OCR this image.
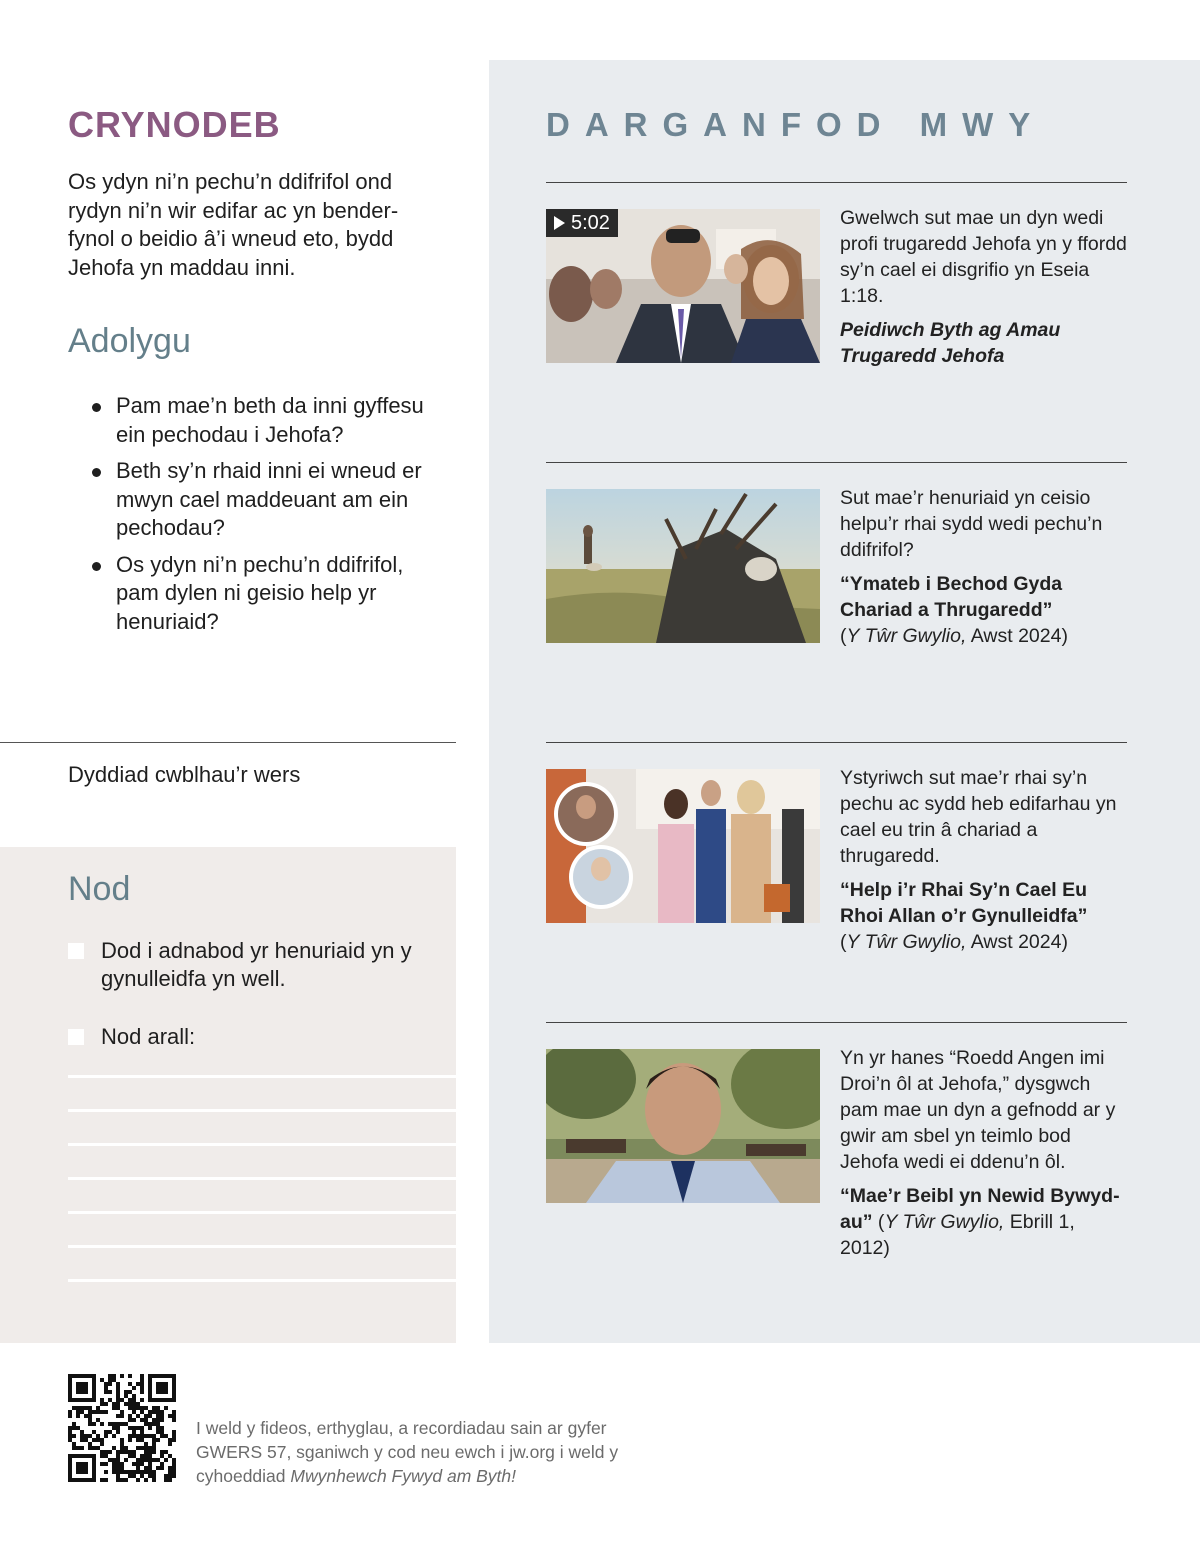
CRYNODEB
Os ydyn ni’n pechu’n ddifrifol ond rydyn ni’n wir edifar ac yn bender-fynol o beidio â’i wneud eto, bydd Jehofa yn maddau inni.
Adolygu
Pam mae’n beth da inni gyffesu ein pechodau i Jehofa?
Beth sy’n rhaid inni ei wneud er mwyn cael maddeuant am ein pechodau?
Os ydyn ni’n pechu’n ddifrifol, pam dylen ni geisio help yr henuriaid?
Dyddiad cwblhau’r wers
Nod
Dod i adnabod yr henuriaid yn y gynulleidfa yn well.
Nod arall:
DARGANFOD MWY
5:02	Gwelwch sut mae un dyn wedi profi trugaredd Jehofa yn y ffordd sy’n cael ei disgrifio yn Eseia 1:18.
Peidiwch Byth ag Amau Trugaredd Jehofa
Sut mae’r henuriaid yn ceisio helpu’r rhai sydd wedi pechu’n ddifrifol?
“Ymateb i Bechod Gyda Chariad a Thrugaredd”
(Y Tŵr Gwylio, Awst 2024)
Ystyriwch sut mae’r rhai sy’n pechu ac sydd heb edifarhau yn cael eu trin â chariad a thrugaredd.
“Help i’r Rhai Sy’n Cael Eu Rhoi Allan o’r Gynulleidfa”
(Y Tŵr Gwylio, Awst 2024)
Yn yr hanes “Roedd Angen imi Droi’n ôl at Jehofa,” dysgwch pam mae un dyn a gefnodd ar y gwir am sbel yn teimlo bod Jehofa wedi ei ddenu’n ôl.
“Mae’r Beibl yn Newid Bywyd-au” (Y Tŵr Gwylio, Ebrill 1, 2012)
I weld y fideos, erthyglau, a recordiadau sain ar gyfer GWERS 57, sganiwch y cod neu ewch i jw.org i weld y cyhoeddiad Mwynhewch Fywyd am Byth!
